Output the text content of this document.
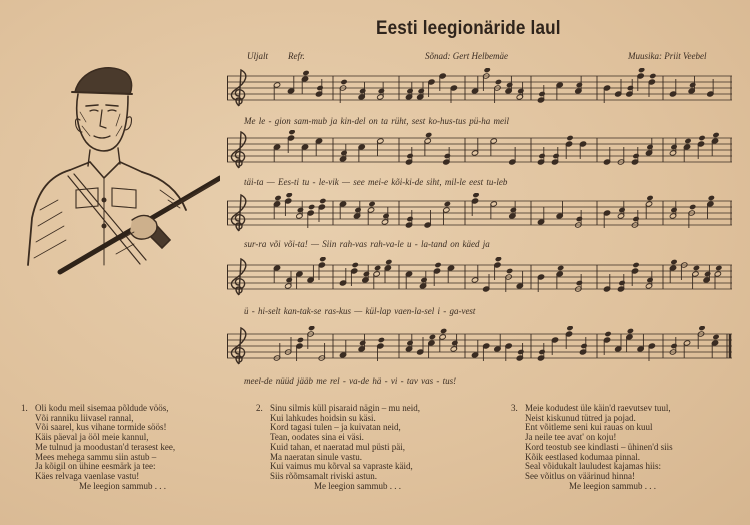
Eesti leegionäride laul
Uljalt Refr.	Sõnad: Gert Helbemäe	Muusika: Priit Veebel
Me le - gion sam-mub ja kin-del on ta rüht, sest ko-hus-tus pü-ha meil
täi-ta — Ees-ti tu - le-vik — see mei-e kõi-ki-de siht, mil-le eest tu-leb
sur-ra või või-ta! — Siin rah-vas rah-va-le u - la-tand on käed ja
ü - hi-selt kan-tak-se ras-kus — kül-lap vaen-la-sel i - ga-vest
meel-de nüüd jääb me rel - va-de hä - vi - tav vas - tus!
1. Oli kodu meil sisemaa põldude vöös,
Või ranniku liivasel rannal,
Või saarel, kus vihane tormide söös!
Käis päeval ja ööl meie kannul,
Me tulnud ja moodustan'd terasest kee,
Mees mehega sammu siin astub –
Ja kõigil on ühine eesmärk ja tee:
Käes relvaga vaenlase vastu!
Me leegion sammub . . .
2. Sinu silmis küll pisaraid nägin – mu neid,
Kui lahkudes hoidsin su käsi.
Kord tagasi tulen – ja kuivatan neid,
Tean, oodates sina ei väsi.
Kuid tahan, et naeratad mul püsti päi,
Ma naeratan sinule vastu.
Kui vaimus mu kõrval sa vapraste käid,
Siis rõõmsamalt riviski astun.
Me leegion sammub . . .
3. Meie kodudest üle käin'd raevutsev tuul,
Neist kiskunud tütred ja pojad.
Ent võitleme seni kui rauas on kuul
Ja neile tee avat' on koju!
Kord teostub see kindlasti – ühinen'd siis
Kõik eestlased kodumaa pinnal.
Seal võidukalt lauludest kajamas hiis:
See võitlus on väärinud hinna!
Me leegion sammub . . .
